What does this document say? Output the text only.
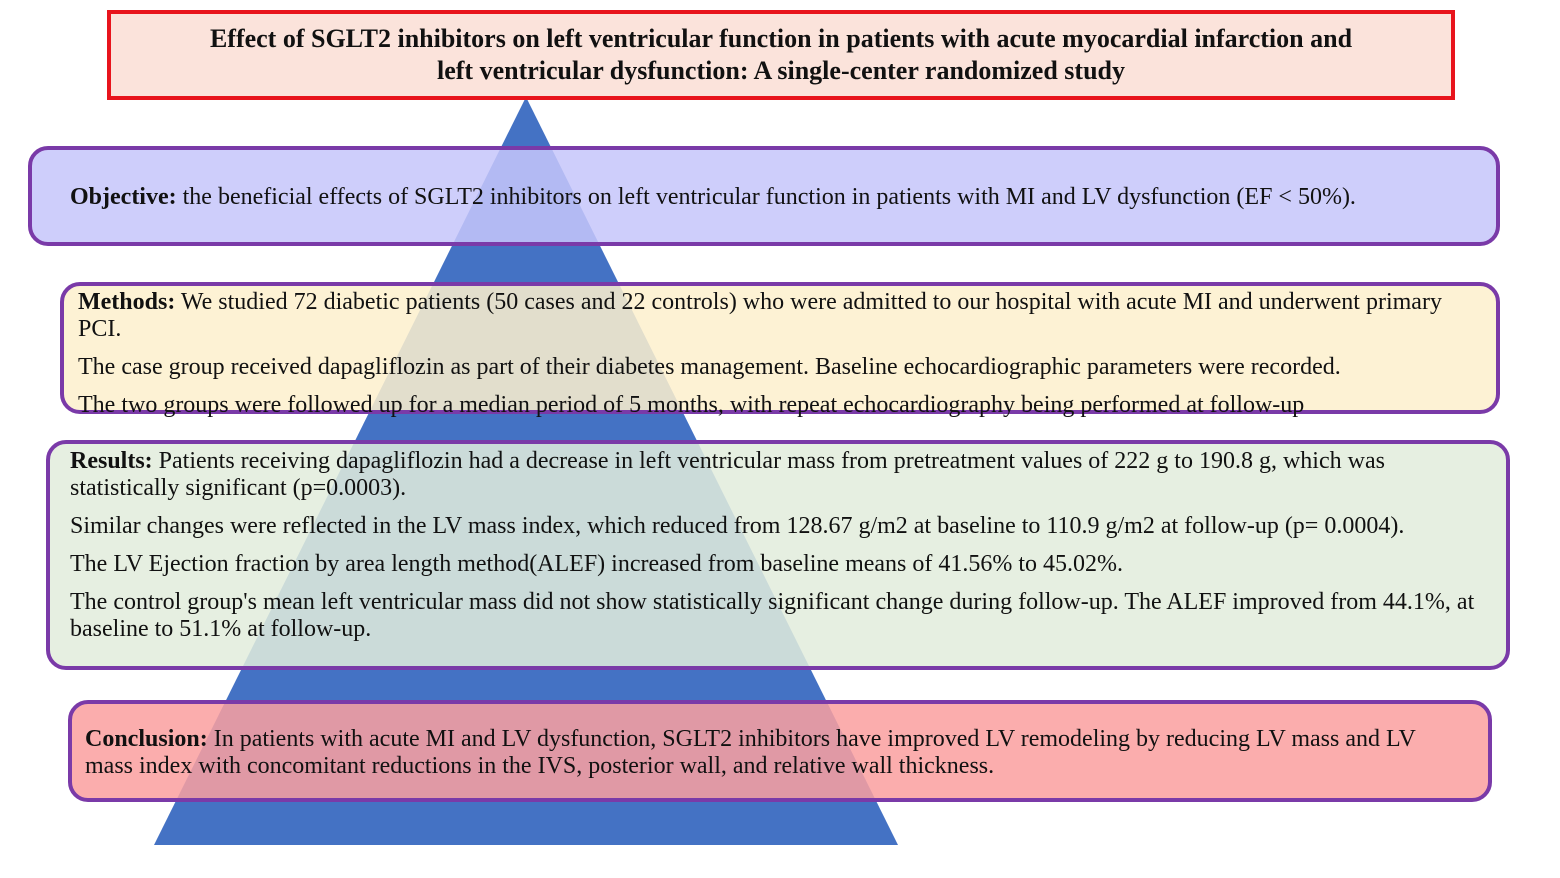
Effect of SGLT2 inhibitors on left ventricular function in patients with acute myocardial infarction and
left ventricular dysfunction: A single-center randomized study

Objective: the beneficial effects of SGLT2 inhibitors on left ventricular function in patients with MI and LV dysfunction (EF < 50%).

Methods: We studied 72 diabetic patients (50 cases and 22 controls) who were admitted to our hospital with acute MI and underwent primary PCI.

The case group received dapagliflozin as part of their diabetes management. Baseline echocardiographic parameters were recorded.

The two groups were followed up for a median period of 5 months, with repeat echocardiography being performed at follow-up

Results: Patients receiving dapagliflozin had a decrease in left ventricular mass from pretreatment values of 222 g to 190.8 g, which was statistically significant (p=0.0003).

Similar changes were reflected in the LV mass index, which reduced from 128.67 g/m2 at baseline to 110.9 g/m2 at follow-up (p= 0.0004).

The LV Ejection fraction by area length method(ALEF) increased from baseline means of 41.56% to 45.02%.

The control group's mean left ventricular mass did not show statistically significant change during follow-up. The ALEF improved from 44.1%, at baseline to 51.1% at follow-up.

Conclusion: In patients with acute MI and LV dysfunction, SGLT2 inhibitors have improved LV remodeling by reducing LV mass and LV mass index with concomitant reductions in the IVS, posterior wall, and relative wall thickness.
